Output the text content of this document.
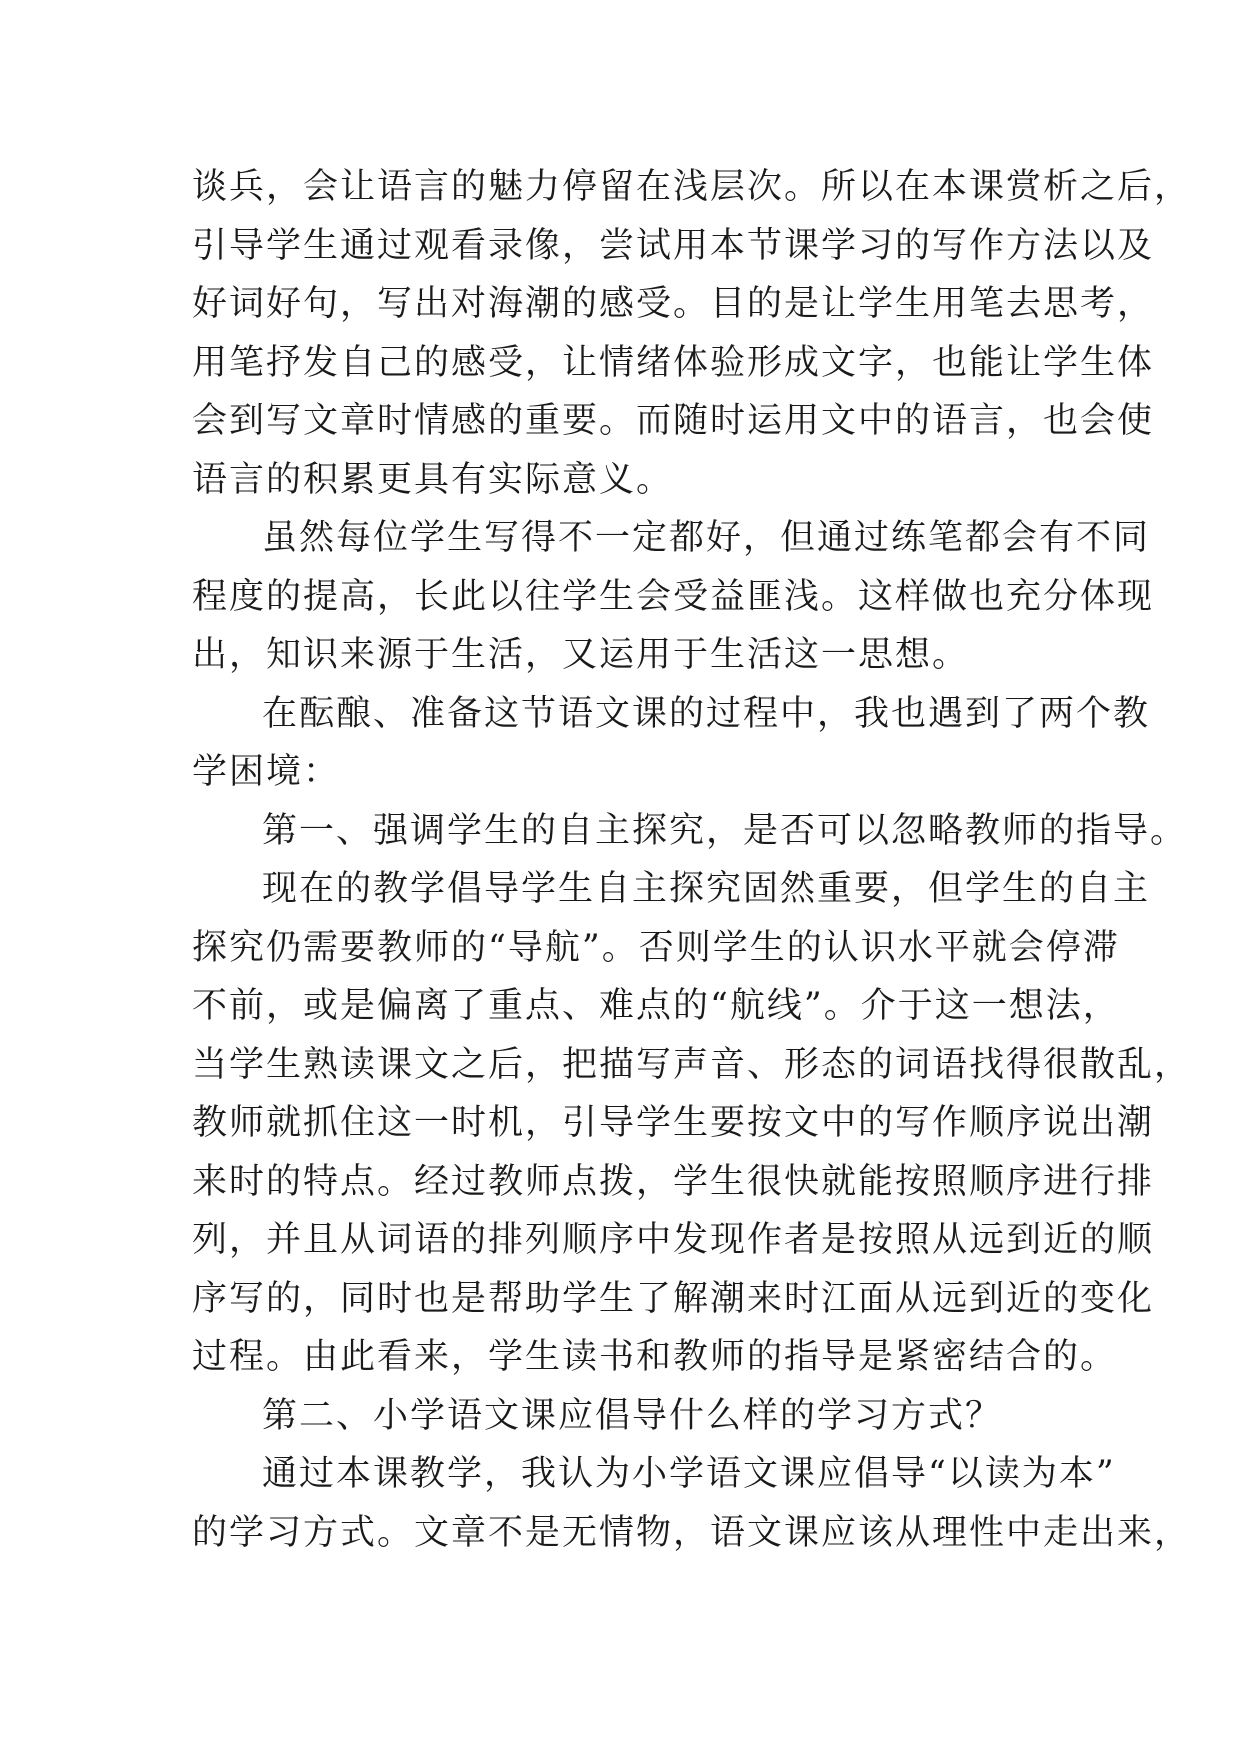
谈兵，会让语言的魅力停留在浅层次。所以在本课赏析之后，
引导学生通过观看录像，尝试用本节课学习的写作方法以及
好词好句，写出对海潮的感受。目的是让学生用笔去思考，
用笔抒发自己的感受，让情绪体验形成文字，也能让学生体
会到写文章时情感的重要。而随时运用文中的语言，也会使
语言的积累更具有实际意义。
虽然每位学生写得不一定都好，但通过练笔都会有不同
程度的提高，长此以往学生会受益匪浅。这样做也充分体现
出，知识来源于生活，又运用于生活这一思想。
在酝酿、准备这节语文课的过程中，我也遇到了两个教
学困境：
第一、强调学生的自主探究，是否可以忽略教师的指导。
现在的教学倡导学生自主探究固然重要，但学生的自主
探究仍需要教师的“导航”。否则学生的认识水平就会停滞
不前，或是偏离了重点、难点的“航线”。介于这一想法，
当学生熟读课文之后，把描写声音、形态的词语找得很散乱，
教师就抓住这一时机，引导学生要按文中的写作顺序说出潮
来时的特点。经过教师点拨，学生很快就能按照顺序进行排
列，并且从词语的排列顺序中发现作者是按照从远到近的顺
序写的，同时也是帮助学生了解潮来时江面从远到近的变化
过程。由此看来，学生读书和教师的指导是紧密结合的。
第二、小学语文课应倡导什么样的学习方式？
通过本课教学，我认为小学语文课应倡导“以读为本”
的学习方式。文章不是无情物，语文课应该从理性中走出来，
